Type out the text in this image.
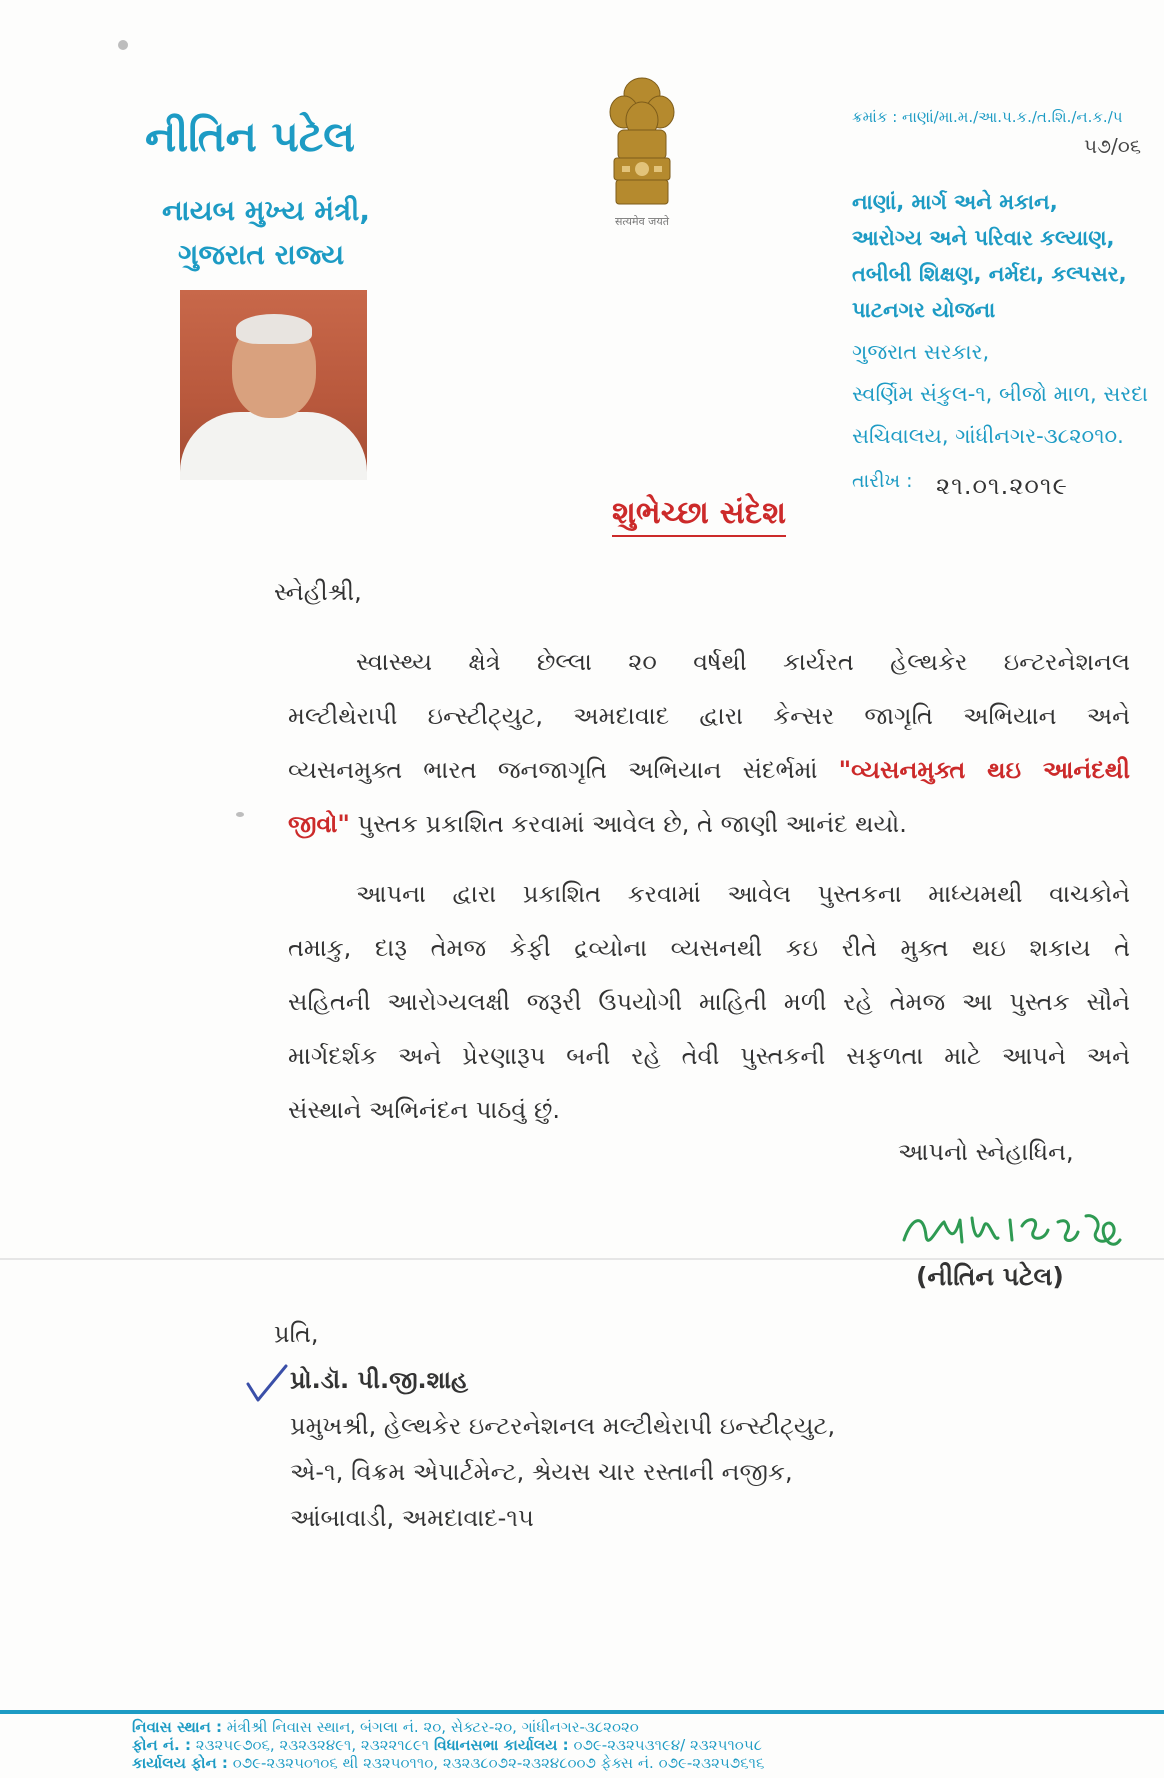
નીતિન પટેલ
નાયબ મુખ્ય મંત્રી,
ગુજરાત રાજ્ય
सत्यमेव जयते
ક્રમાંક : નાણાં/મા.મ./આ.પ.ક./ત.શિ./ન.ક./પ
૫૭/૦૬
નાણાં, માર્ગ અને મકાન,
આરોગ્ય અને પરિવાર કલ્યાણ,
તબીબી શિક્ષણ, નર્મદા, કલ્પસર,
પાટનગર યોજના
ગુજરાત સરકાર,
સ્વર્ણિમ સંકુલ-૧, બીજો માળ, સરદા
સચિવાલય, ગાંધીનગર-૩૮૨૦૧૦.
તારીખ : ૨૧.૦૧.૨૦૧૯
શુભેચ્છા સંદેશ
સ્નેહીશ્રી,
સ્વાસ્થ્ય ક્ષેત્રે છેલ્લા ૨૦ વર્ષથી કાર્યરત હેલ્થકેર ઇન્ટરનેશનલ
મલ્ટીથેરાપી ઇન્સ્ટીટ્યુટ, અમદાવાદ દ્વારા કેન્સર જાગૃતિ અભિયાન અને
વ્યસનમુક્ત ભારત જનજાગૃતિ અભિયાન સંદર્ભમાં "વ્યસનમુક્ત થઇ આનંદથી
જીવો" પુસ્તક પ્રકાશિત કરવામાં આવેલ છે, તે જાણી આનંદ થયો.
આપના દ્વારા પ્રકાશિત કરવામાં આવેલ પુસ્તકના માધ્યમથી વાચકોને
તમાકુ, દારૂ તેમજ કેફી દ્રવ્યોના વ્યસનથી કઇ રીતે મુક્ત થઇ શકાય તે
સહિતની આરોગ્યલક્ષી જરૂરી ઉપયોગી માહિતી મળી રહે તેમજ આ પુસ્તક સૌને
માર્ગદર્શક અને પ્રેરણારૂપ બની રહે તેવી પુસ્તકની સફળતા માટે આપને અને
સંસ્થાને અભિનંદન પાઠવું છું.
આપનો સ્નેહાધિન,
(નીતિન પટેલ)
પ્રતિ,
પ્રો.ડૉ. પી.જી.શાહ
પ્રમુખશ્રી, હેલ્થકેર ઇન્ટરનેશનલ મલ્ટીથેરાપી ઇન્સ્ટીટ્યુટ,
એ-૧, વિક્રમ એપાર્ટમેન્ટ, શ્રેયસ ચાર રસ્તાની નજીક,
આંબાવાડી, અમદાવાદ-૧૫
નિવાસ સ્થાન : મંત્રીશ્રી નિવાસ સ્થાન, બંગલા નં. ૨૦, સેક્ટર-૨૦, ગાંધીનગર-૩૮૨૦૨૦
ફોન નં. : ૨૩૨૫૯૭૦૬, ૨૩૨૩૨૪૯૧, ૨૩૨૨૧૮૯૧ વિધાનસભા કાર્યાલય : ૦૭૯-૨૩૨૫૩૧૯૪/ ૨૩૨૫૧૦૫૮
કાર્યાલય ફોન : ૦૭૯-૨૩૨૫૦૧૦૬ થી ૨૩૨૫૦૧૧૦, ૨૩૨૩૮૦૭૨-૨૩૨૪૮૦૦૭ ફેક્સ નં. ૦૭૯-૨૩૨૫૭૬૧૬
